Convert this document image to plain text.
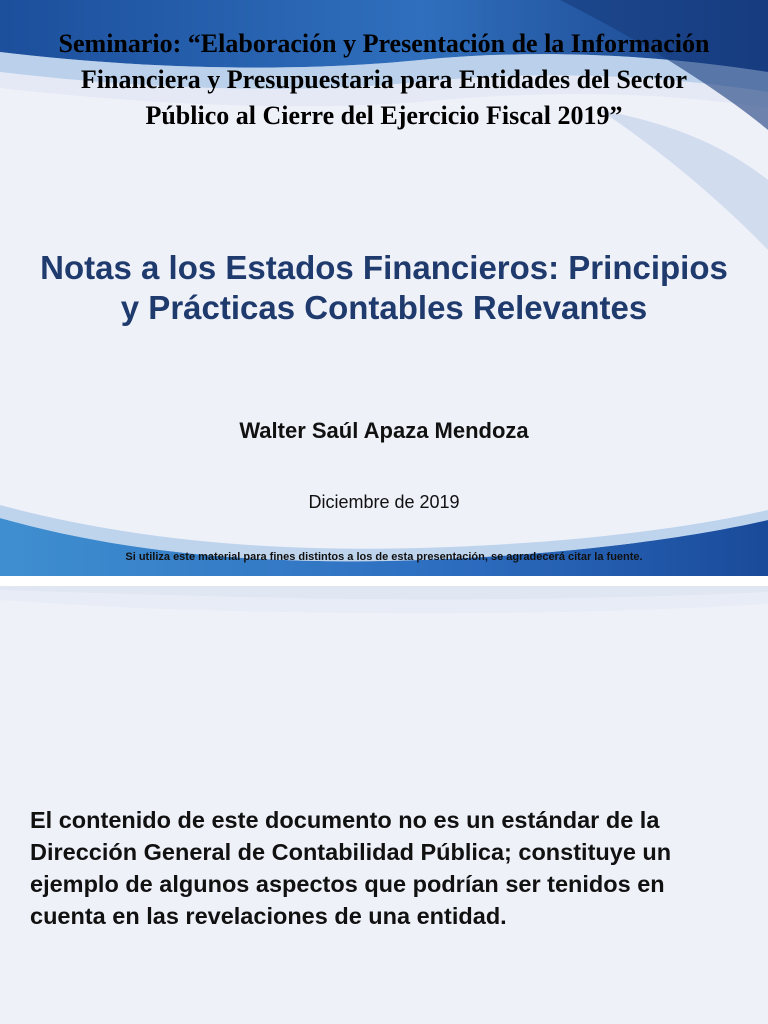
Seminario: “Elaboración y Presentación de la Información
Financiera y Presupuestaria para Entidades del Sector
Público al Cierre del Ejercicio Fiscal 2019”
Notas a los Estados Financieros: Principios
y Prácticas Contables Relevantes
Walter Saúl Apaza Mendoza
Diciembre de 2019
Si utiliza este material para fines distintos a los de esta presentación, se agradecerá citar la fuente.
El contenido de este documento no es un estándar de la
Dirección General de Contabilidad Pública; constituye un
ejemplo de algunos aspectos que podrían ser tenidos en
cuenta en las revelaciones de una entidad.
